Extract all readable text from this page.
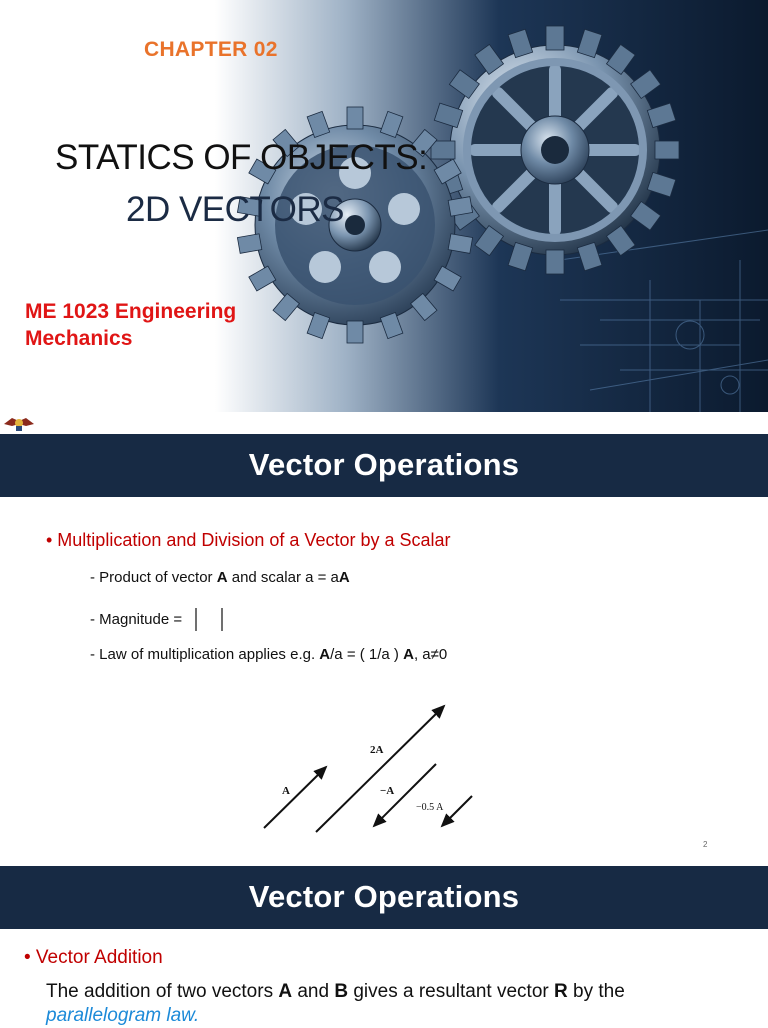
CHAPTER 02
STATICS OF OBJECTS:
2D VECTORS
ME 1023 Engineering
Mechanics
Vector Operations
• Multiplication and Division of a Vector by a Scalar
- Product of vector A and scalar a = aA
- Magnitude =
- Law of multiplication applies e.g. A/a = ( 1/a ) A, a≠0
A
2A
−A
−0.5 A
2
Vector Operations
• Vector Addition
The addition of two vectors A and B gives a resultant vector R by the
parallelogram law.
